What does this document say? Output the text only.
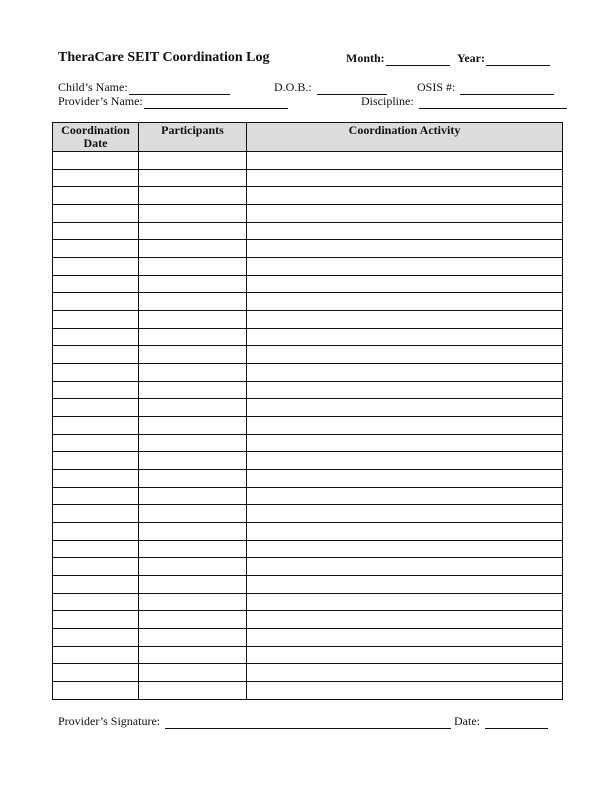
TheraCare SEIT Coordination Log	Month:	Year:
Child’s Name:	D.O.B.:	OSIS #:
Provider’s Name:	Discipline:
Coordination Date	Participants	Coordination Activity

Provider’s Signature:	Date:
